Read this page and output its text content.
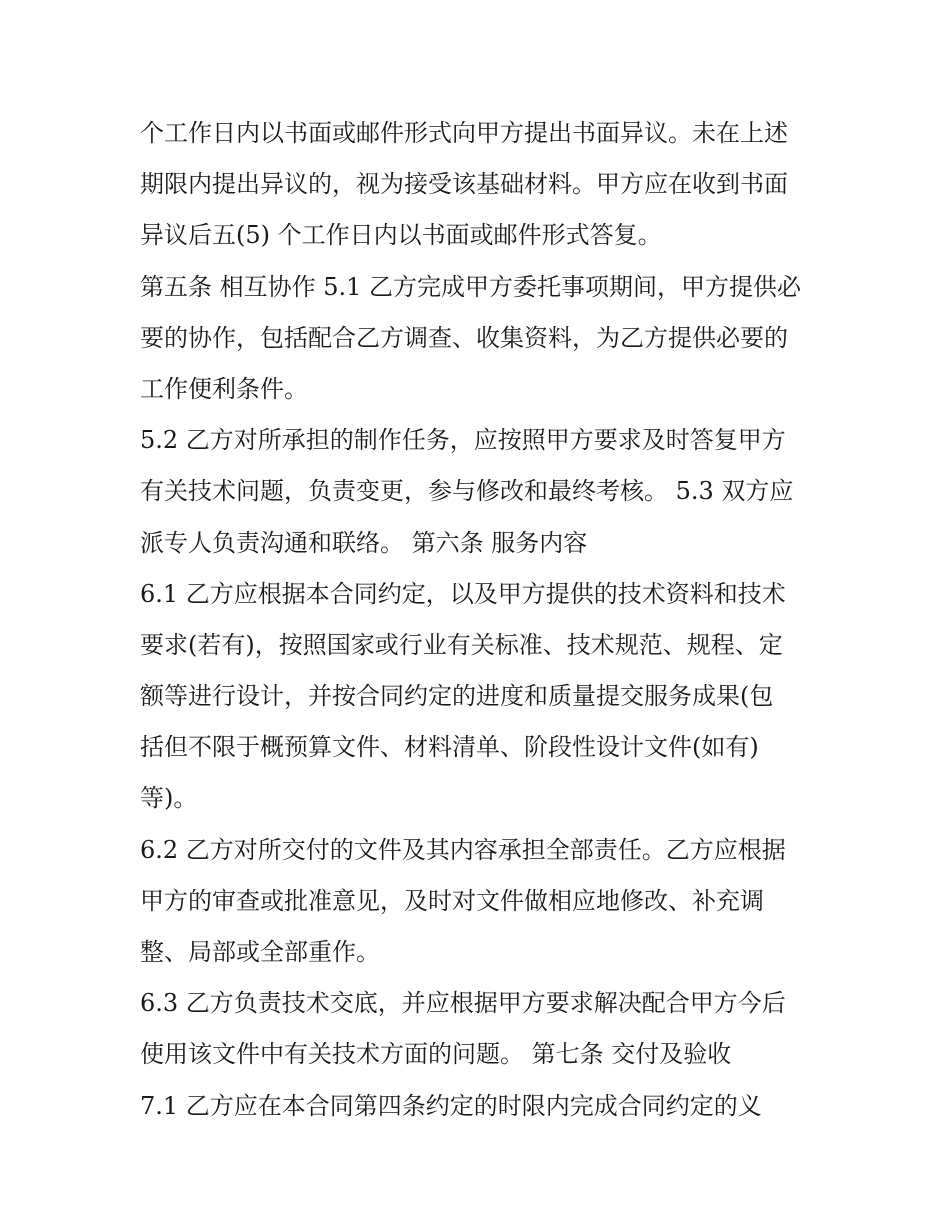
个工作日内以书面或邮件形式向甲方提出书面异议。未在上述
期限内提出异议的，视为接受该基础材料。甲方应在收到书面
异议后五(5) 个工作日内以书面或邮件形式答复。
第五条 相互协作 5.1 乙方完成甲方委托事项期间，甲方提供必
要的协作，包括配合乙方调查、收集资料，为乙方提供必要的
工作便利条件。
5.2 乙方对所承担的制作任务，应按照甲方要求及时答复甲方
有关技术问题，负责变更，参与修改和最终考核。 5.3 双方应
派专人负责沟通和联络。 第六条 服务内容
6.1 乙方应根据本合同约定，以及甲方提供的技术资料和技术
要求(若有)，按照国家或行业有关标准、技术规范、规程、定
额等进行设计，并按合同约定的进度和质量提交服务成果(包
括但不限于概预算文件、材料清单、阶段性设计文件(如有)
等)。
6.2 乙方对所交付的文件及其内容承担全部责任。乙方应根据
甲方的审查或批准意见，及时对文件做相应地修改、补充调
整、局部或全部重作。
6.3 乙方负责技术交底，并应根据甲方要求解决配合甲方今后
使用该文件中有关技术方面的问题。 第七条 交付及验收
7.1 乙方应在本合同第四条约定的时限内完成合同约定的义
